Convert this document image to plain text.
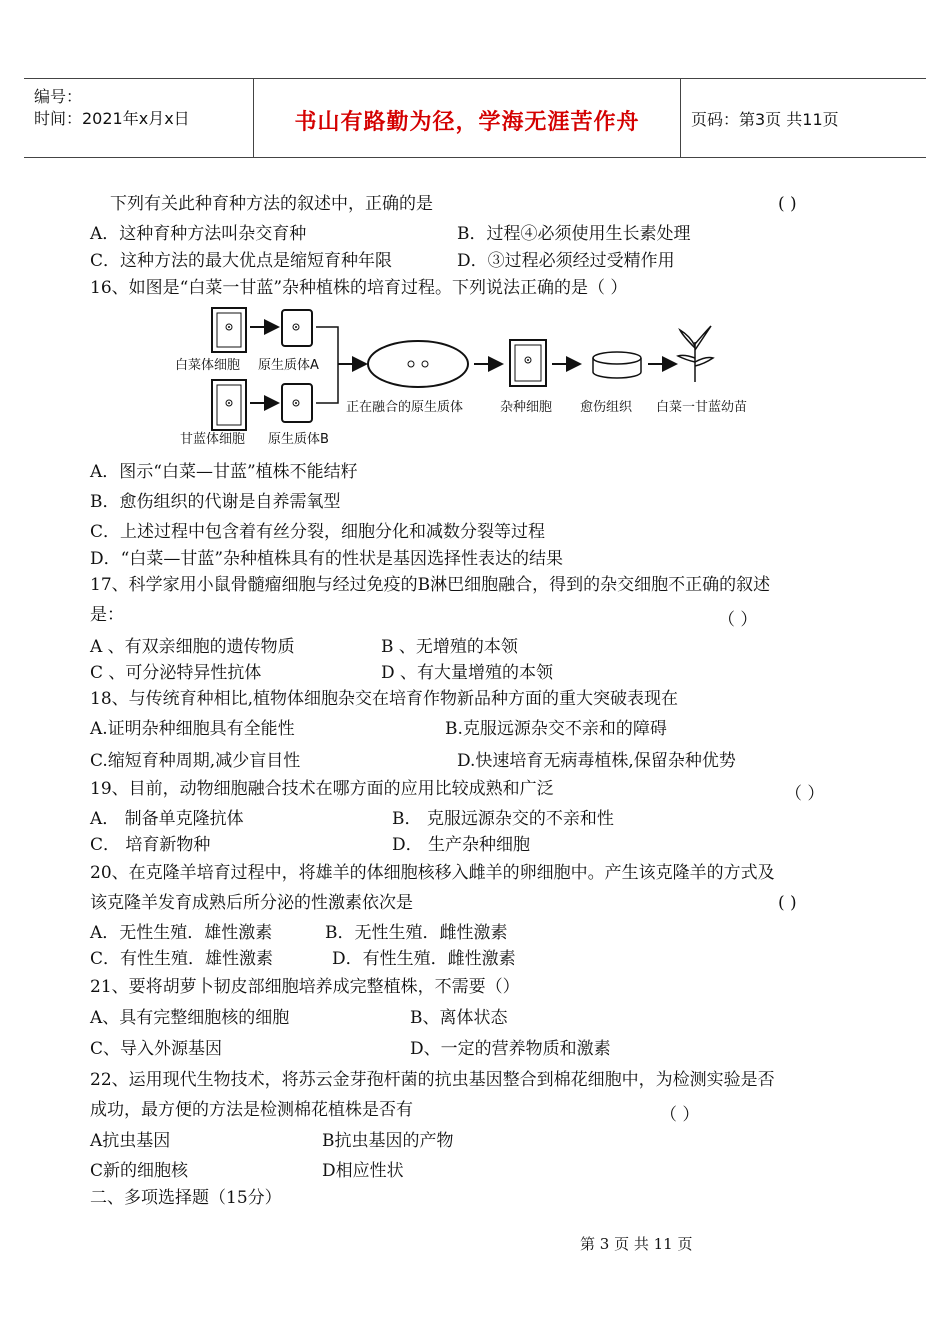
编号：
时间：2021年x月x日	书山有路勤为径，学海无涯苦作舟	页码：第3页 共11页
下列有关此种育种方法的叙述中，正确的是	( )
A．这种育种方法叫杂交育种	B．过程④必须使用生长素处理
C．这种方法的最大优点是缩短育种年限	D．③过程必须经过受精作用
16、如图是“白菜一甘蓝”杂种植株的培育过程。下列说法正确的是（ ）
白菜体细胞 原生质体A
甘蓝体细胞 原生质体B
正在融合的原生质体	杂种细胞 愈伤组织 白菜一甘蓝幼苗
A．图示“白菜—甘蓝”植株不能结籽
B．愈伤组织的代谢是自养需氧型
C．上述过程中包含着有丝分裂，细胞分化和减数分裂等过程
D．“白菜—甘蓝”杂种植株具有的性状是基因选择性表达的结果
17、科学家用小鼠骨髓瘤细胞与经过免疫的B淋巴细胞融合，得到的杂交细胞不正确的叙述
是：	（ ）
A 、有双亲细胞的遗传物质	B 、无增殖的本领
C 、可分泌特异性抗体	D 、有大量增殖的本领
18、与传统育种相比,植物体细胞杂交在培育作物新品种方面的重大突破表现在
A.证明杂种细胞具有全能性	B.克服远源杂交不亲和的障碍
C.缩短育种周期,减少盲目性	D.快速培育无病毒植株,保留杂种优势
19、目前，动物细胞融合技术在哪方面的应用比较成熟和广泛	（ ）
A． 制备单克隆抗体	B． 克服远源杂交的不亲和性
C． 培育新物种	D． 生产杂种细胞
20、在克隆羊培育过程中，将雄羊的体细胞核移入雌羊的卵细胞中。产生该克隆羊的方式及
该克隆羊发育成熟后所分泌的性激素依次是	( )
A．无性生殖．雄性激素	B．无性生殖．雌性激素
C．有性生殖．雄性激素	D．有性生殖．雌性激素
21、要将胡萝卜韧皮部细胞培养成完整植株，不需要（）
A、具有完整细胞核的细胞	B、离体状态
C、导入外源基因	D、一定的营养物质和激素
22、运用现代生物技术，将苏云金芽孢杆菌的抗虫基因整合到棉花细胞中，为检测实验是否
成功，最方便的方法是检测棉花植株是否有	（ ）
A抗虫基因	B抗虫基因的产物
C新的细胞核	D相应性状
二、多项选择题（15分）
第 3 页 共 11 页
